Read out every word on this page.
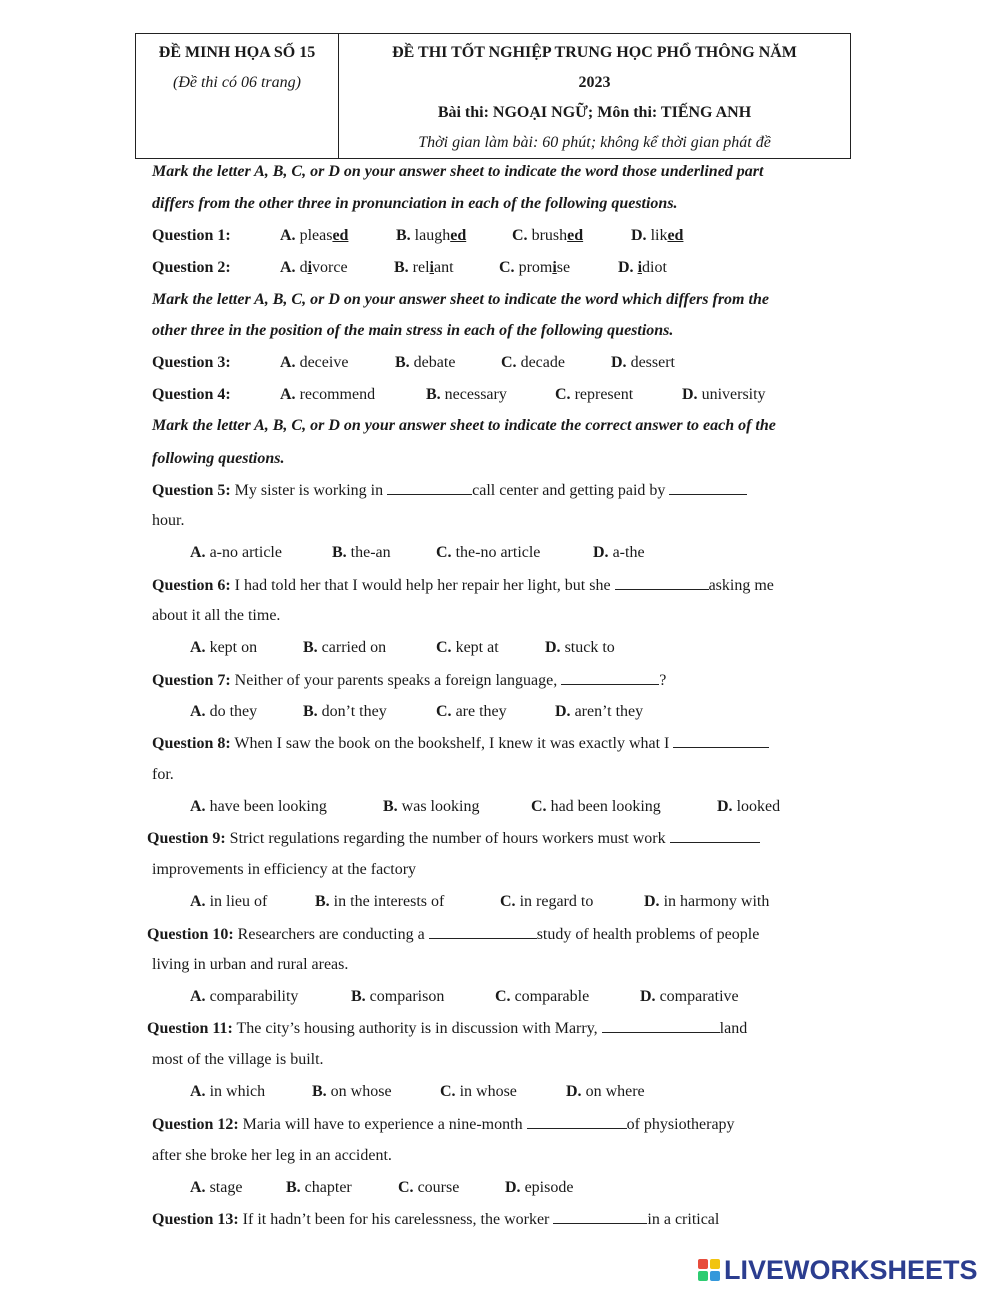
ĐỀ MINH HỌA SỐ 15
(Đề thi có 06 trang)
ĐỀ THI TỐT NGHIỆP TRUNG HỌC PHỔ THÔNG NĂM
2023
Bài thi: NGOẠI NGỮ; Môn thi: TIẾNG ANH
Thời gian làm bài: 60 phút; không kể thời gian phát đề
Mark the letter A, B, C, or D on your answer sheet to indicate the word those underlined part
differs from the other three in pronunciation in each of the following questions.
Question 1:	A. pleased	B. laughed	C. brushed	D. liked
Question 2:	A. divorce	B. reliant	C. promise	D. idiot
Mark the letter A, B, C, or D on your answer sheet to indicate the word which differs from the
other three in the position of the main stress in each of the following questions.
Question 3:	A. deceive	B. debate	C. decade	D. dessert
Question 4:	A. recommend	B. necessary	C. represent	D. university
Mark the letter A, B, C, or D on your answer sheet to indicate the correct answer to each of the
following questions.
Question 5: My sister is working in	call center and getting paid by
hour.
A. a-no article	B. the-an	C. the-no article	D. a-the
Question 6: I had told her that I would help her repair her light, but she	asking me
about it all the time.
A. kept on	B. carried on	C. kept at	D. stuck to
Question 7: Neither of your parents speaks a foreign language,	?
A. do they	B. don’t they	C. are they	D. aren’t they
Question 8: When I saw the book on the bookshelf, I knew it was exactly what I
for.
A. have been looking	B. was looking	C. had been looking	D. looked
Question 9: Strict regulations regarding the number of hours workers must work
improvements in efficiency at the factory
A. in lieu of	B. in the interests of	C. in regard to	D. in harmony with
Question 10: Researchers are conducting a	study of health problems of people
living in urban and rural areas.
A. comparability	B. comparison	C. comparable	D. comparative
Question 11: The city’s housing authority is in discussion with Marry,	land
most of the village is built.
A. in which	B. on whose	C. in whose	D. on where
Question 12: Maria will have to experience a nine-month	of physiotherapy
after she broke her leg in an accident.
A. stage	B. chapter	C. course	D. episode
Question 13: If it hadn’t been for his carelessness, the worker	in a critical
LIVEWORKSHEETS
